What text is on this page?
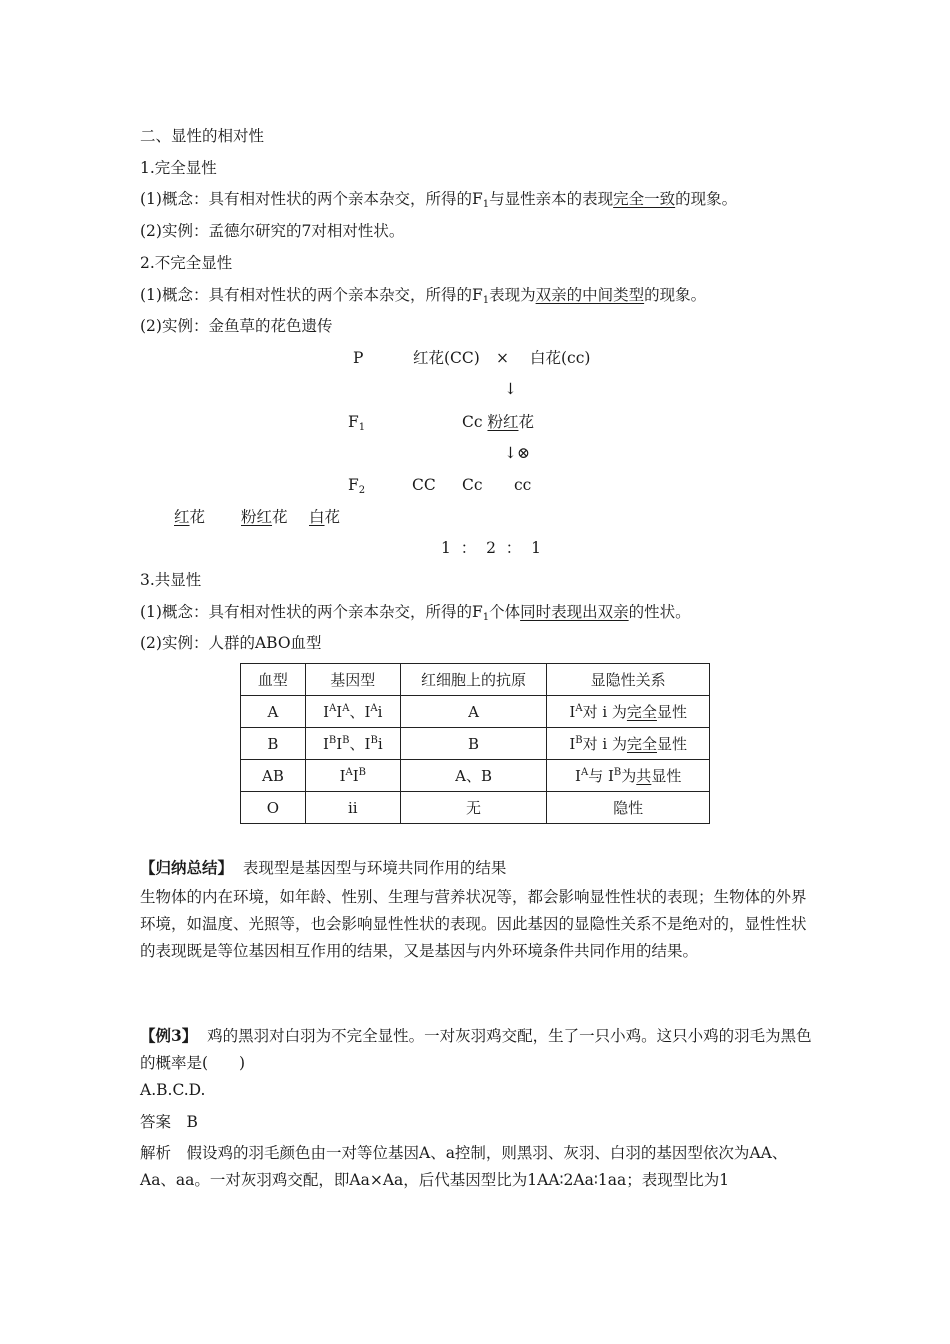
二、显性的相对性
1.完全显性
(1)概念：具有相对性状的两个亲本杂交，所得的$F_1$与显性亲本的表现完全一致的现象。
(2)实例：孟德尔研究的7对相对性状。
2.不完全显性
(1)概念：具有相对性状的两个亲本杂交，所得的$F_1$表现为双亲的中间类型的现象。
(2)实例：金鱼草的花色遗传
P	红花(CC) × 白花(cc)
↓
$F_1$	Cc 粉红花
↓⊗
$F_2$	CC Cc cc
红花 粉红花 白花
1  ：  2  ：  1
3.共显性
(1)概念：具有相对性状的两个亲本杂交，所得的$F_1$个体同时表现出双亲的性状。
(2)实例：人群的ABO血型
血型	基因型	红细胞上的抗原	显隐性关系
A	$I^AI^A$、$I^Ai$	A	$I^A$对 i 为完全显性
B	$I^BI^B$、$I^Bi$	B	$I^B$对 i 为完全显性
AB	$I^AI^B$	A、B	$I^A$与 $I^B$为共显性
O	ii	无	隐性
【归纳总结】  表现型是基因型与环境共同作用的结果
生物体的内在环境，如年龄、性别、生理与营养状况等，都会影响显性性状的表现；生物体的外界环境，如温度、光照等，也会影响显性性状的表现。因此基因的显隐性关系不是绝对的，显性性状的表现既是等位基因相互作用的结果，又是基因与内外环境条件共同作用的结果。
【例3】  鸡的黑羽对白羽为不完全显性。一对灰羽鸡交配，生了一只小鸡。这只小鸡的羽毛为黑色的概率是(　　)
A.B.C.D.
答案　B
解析　假设鸡的羽毛颜色由一对等位基因A、a控制，则黑羽、灰羽、白羽的基因型依次为AA、Aa、aa。一对灰羽鸡交配，即Aa×Aa，后代基因型比为1AA∶2Aa∶1aa；表现型比为1
